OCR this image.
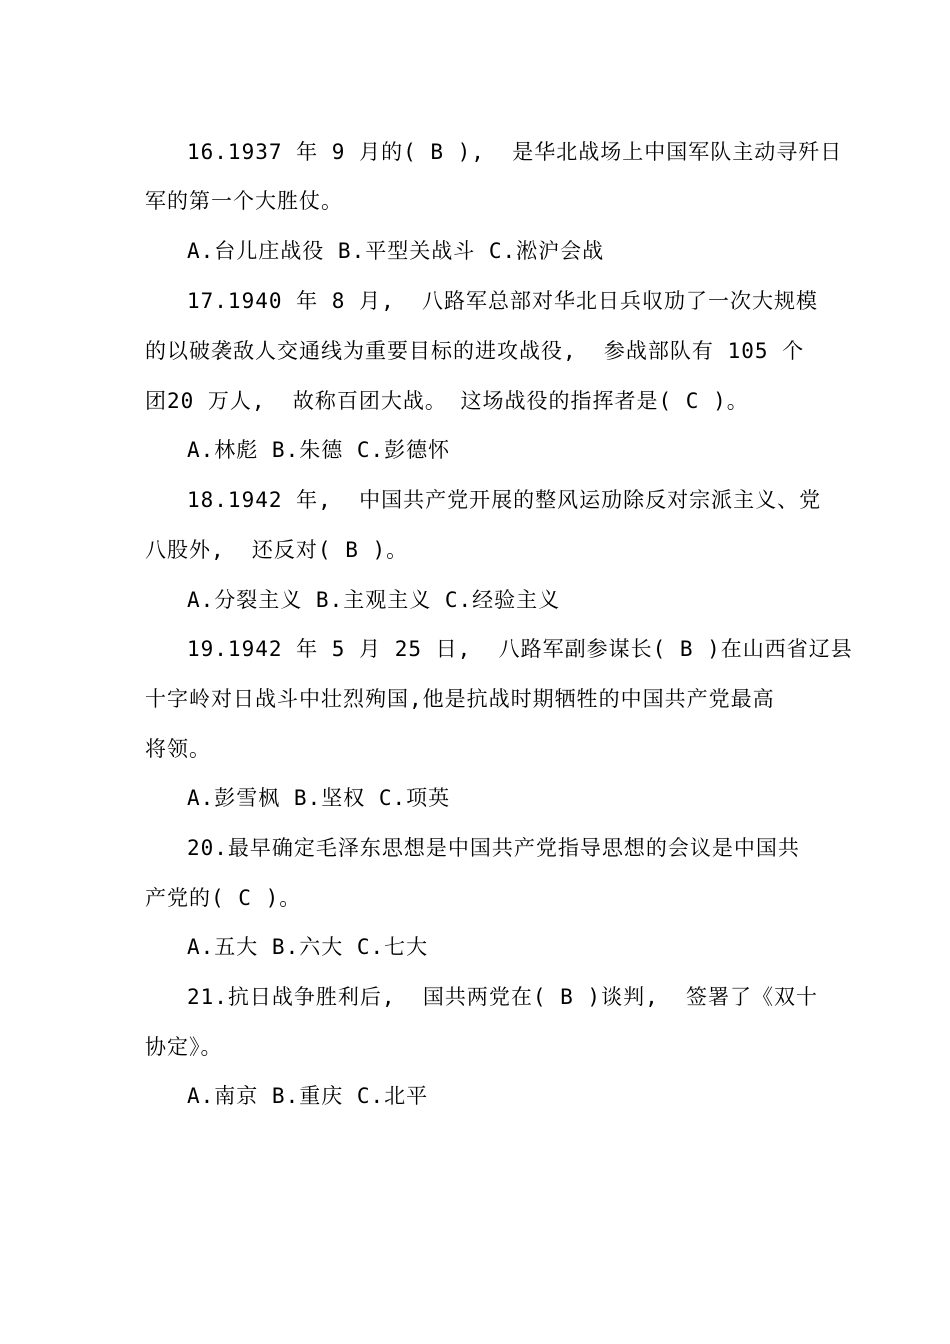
16.1937 年 9 月的( B ),  是华北战场上中国军队主动寻歼日
军的第一个大胜仗。
A.台儿庄战役 B.平型关战斗 C.淞沪会战
17.1940 年 8 月,  八路军总部对华北日兵収劢了一次大规模
的以破袭敌人交通线为重要目标的进攻战役,  参战部队有 105 个
团20 万人,  故称百团大战。 这场战役的指挥者是( C )。
A.林彪 B.朱德 C.彭德怀
18.1942 年,  中国共产党开展的整风运劢除反对宗派主义、党
八股外,  还反对( B )。
A.分裂主义 B.主观主义 C.经验主义
19.1942 年 5 月 25 日,  八路军副参谋长( B )在山西省辽县
十字岭对日战斗中壮烈殉国,他是抗战时期牺牲的中国共产党最高
将领。
A.彭雪枫 B.坚权 C.项英
20.最早确定毛泽东思想是中国共产党指导思想的会议是中国共
产党的( C )。
A.五大 B.六大 C.七大
21.抗日战争胜利后,  国共两党在( B )谈判,  签署了《双十
协定》。
A.南京 B.重庆 C.北平
